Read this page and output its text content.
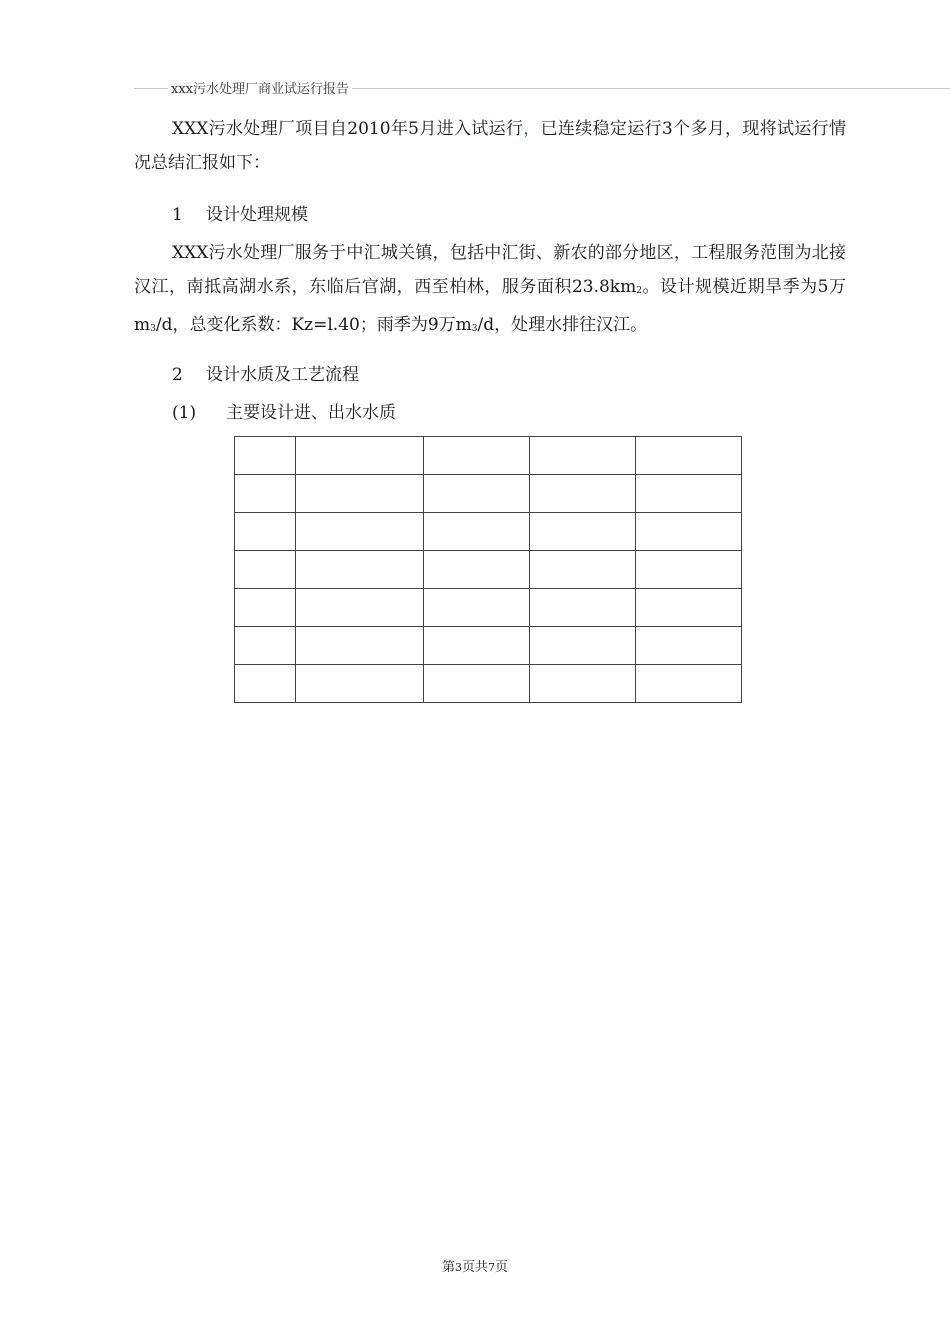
xxx污水处理厂商业试运行报告

XXX污水处理厂项目自2010年5月进入试运行，已连续稳定运行3个多月，现将试运行情况总结汇报如下：

1 设计处理规模

XXX污水处理厂服务于中汇城关镇，包括中汇街、新农的部分地区，工程服务范围为北接汉江，南抵高湖水系，东临后官湖，西至柏林，服务面积$23.8km_2$。设计规模近期旱季为5万$m_3/d$，总变化系数：Kz=l.40；雨季为9万$m_3/d$，处理水排往汉江。

2 设计水质及工艺流程
(1) 主要设计进、出水水质

第3页共7页
